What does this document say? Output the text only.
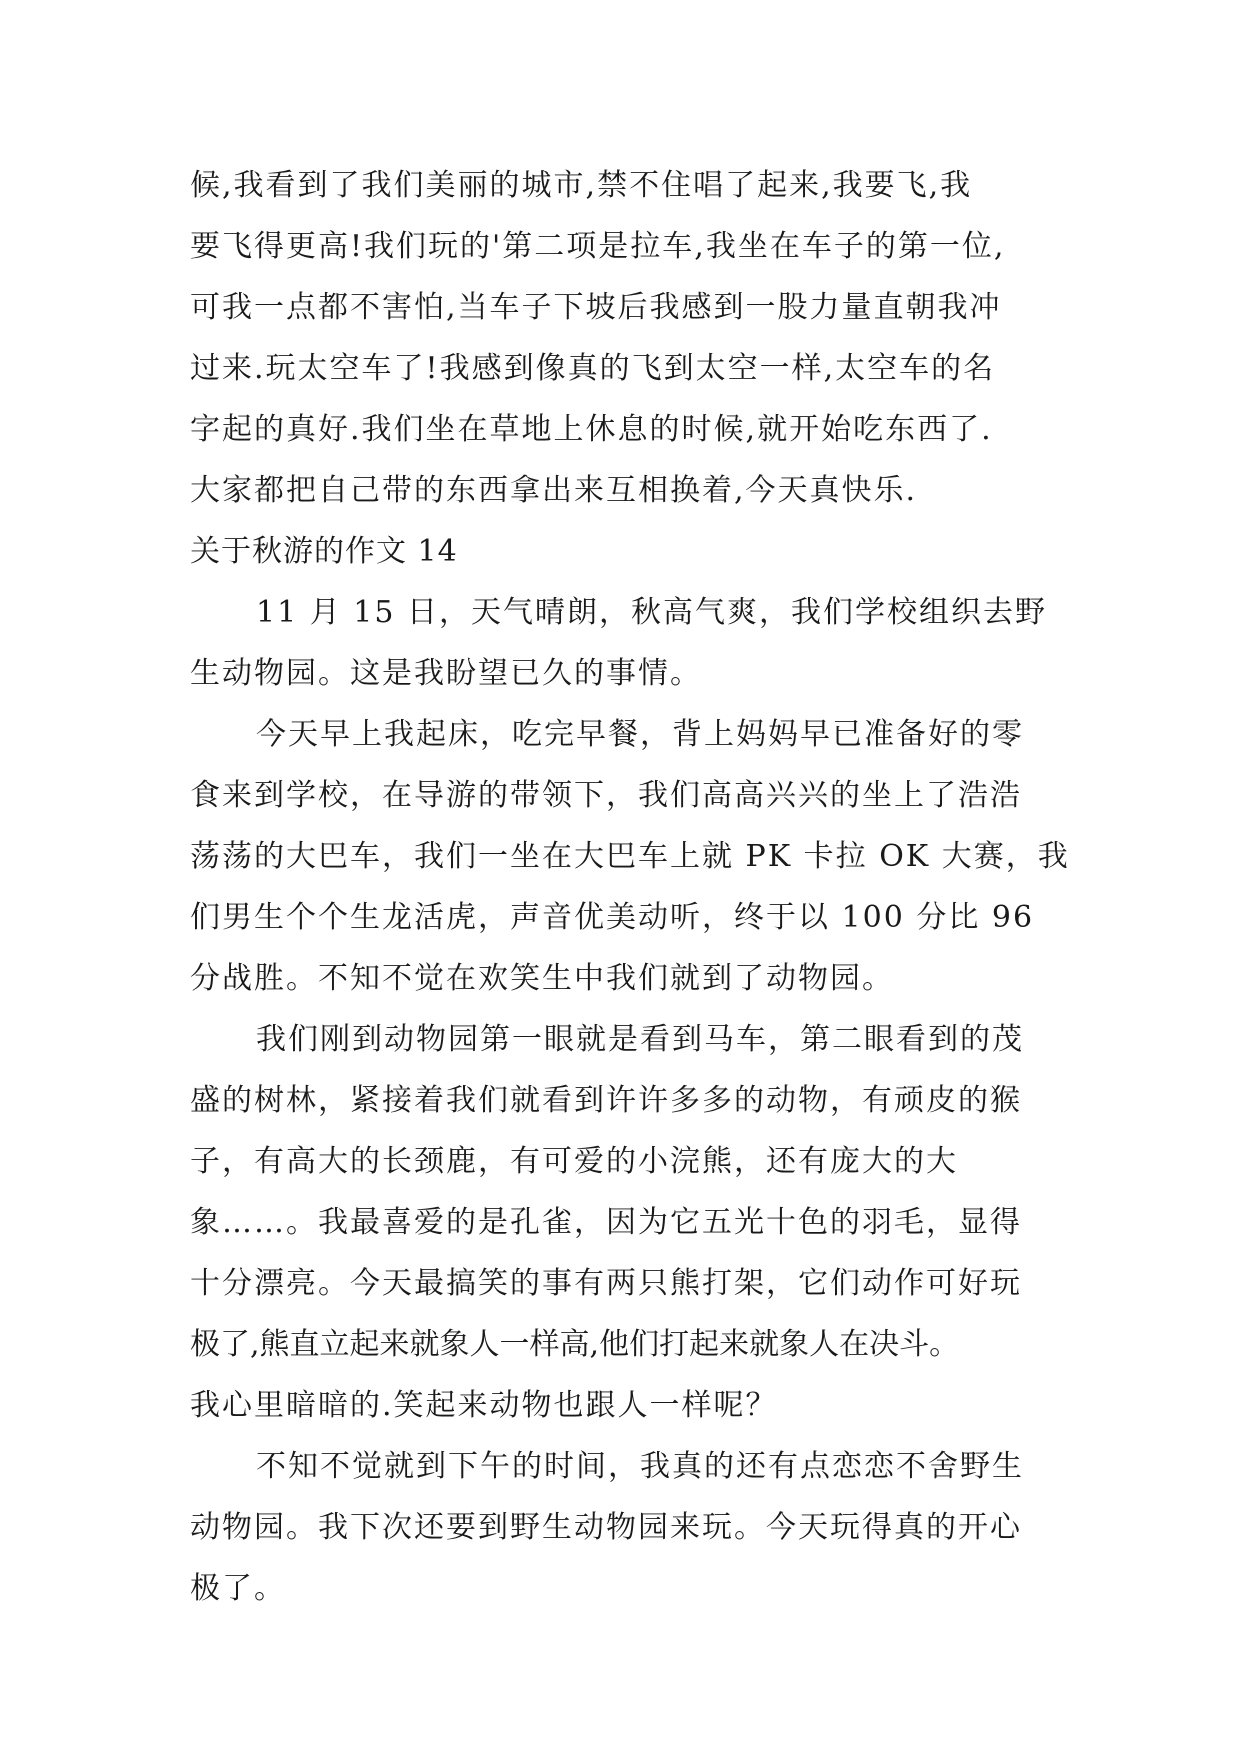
候,我看到了我们美丽的城市,禁不住唱了起来,我要飞,我
要飞得更高!我们玩的'第二项是拉车,我坐在车子的第一位,
可我一点都不害怕,当车子下坡后我感到一股力量直朝我冲
过来.玩太空车了!我感到像真的飞到太空一样,太空车的名
字起的真好.我们坐在草地上休息的时候,就开始吃东西了.
大家都把自己带的东西拿出来互相换着,今天真快乐.
关于秋游的作文 14
11 月 15 日，天气晴朗，秋高气爽，我们学校组织去野
生动物园。这是我盼望已久的事情。
今天早上我起床，吃完早餐，背上妈妈早已准备好的零
食来到学校，在导游的带领下，我们高高兴兴的坐上了浩浩
荡荡的大巴车，我们一坐在大巴车上就 PK 卡拉 OK 大赛，我
们男生个个生龙活虎，声音优美动听，终于以 100 分比 96
分战胜。不知不觉在欢笑生中我们就到了动物园。
我们刚到动物园第一眼就是看到马车，第二眼看到的茂
盛的树林，紧接着我们就看到许许多多的动物，有顽皮的猴
子，有高大的长颈鹿，有可爱的小浣熊，还有庞大的大
象……。我最喜爱的是孔雀，因为它五光十色的羽毛，显得
十分漂亮。今天最搞笑的事有两只熊打架，它们动作可好玩
极了,熊直立起来就象人一样高,他们打起来就象人在决斗。
我心里暗暗的.笑起来动物也跟人一样呢？
不知不觉就到下午的时间，我真的还有点恋恋不舍野生
动物园。我下次还要到野生动物园来玩。今天玩得真的开心
极了。
